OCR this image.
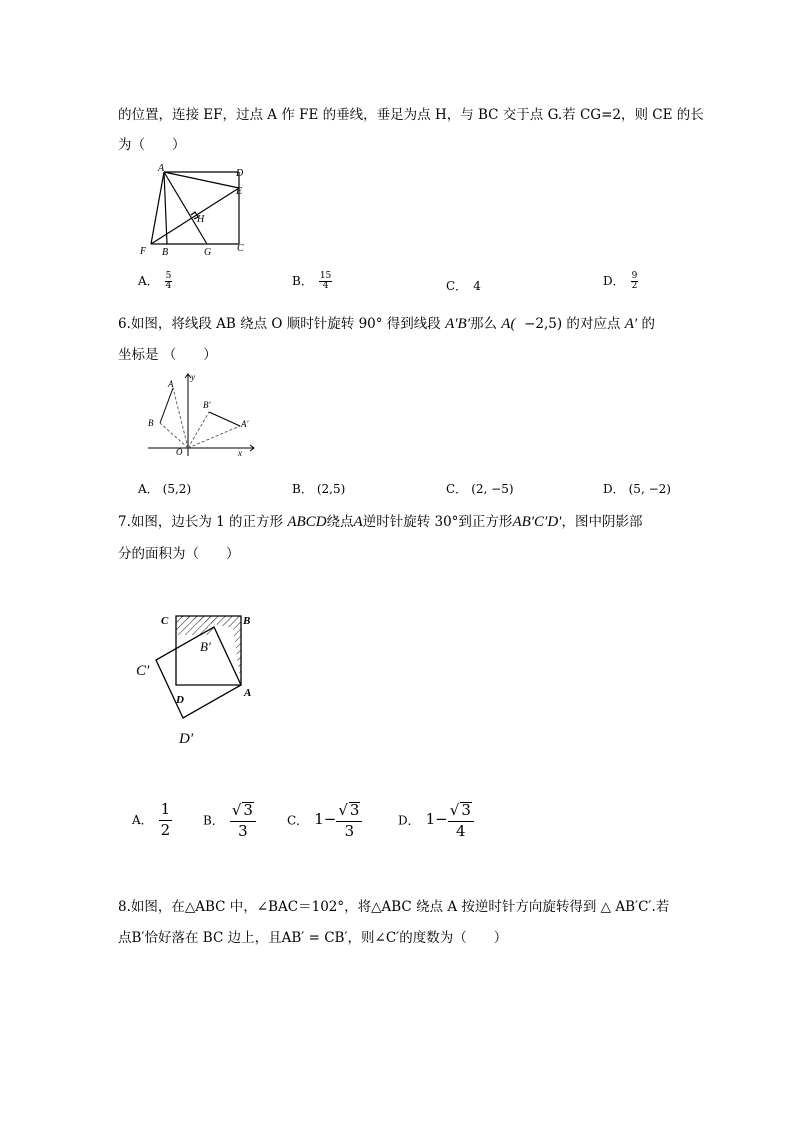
的位置，连接 EF，过点 A 作 FE 的垂线，垂足为点 H，与 BC 交于点 G.若 CG=2，则 CE 的长
为（　　）
A	D
E
H
F B	G	C
A． $\frac{5}{4}$	B． $\frac{15}{4}$	C． 4	D． $\frac{9}{2}$
6.如图，将线段 AB 绕点 O 顺时针旋转 90° 得到线段 A′B′那么 A( −2,5) 的对应点 A′ 的
坐标是 （　　）
A
B
y
B′
A′
O	x
A． (5,2)	B． (2,5)	C． (2, −5)	D． (5, −2)
7.如图，边长为 1 的正方形 ABCD绕点A逆时针旋转 30°到正方形AB′C′D′，图中阴影部
分的面积为（　　）
C	B
B′
C′
D
A
D′
A． $\frac{1}{2}$	B． $\frac{√ 3}{3}$	C． $1- \frac{√ 3}{3}$	D． $1- \frac{√ 3}{4}$
8.如图，在△ABC 中，∠BAC＝102°，将△ABC 绕点 A 按逆时针方向旋转得到 △ AB′C′.若
点B′恰好落在 BC 边上，且AB′ = CB′，则∠C′的度数为（　　）
